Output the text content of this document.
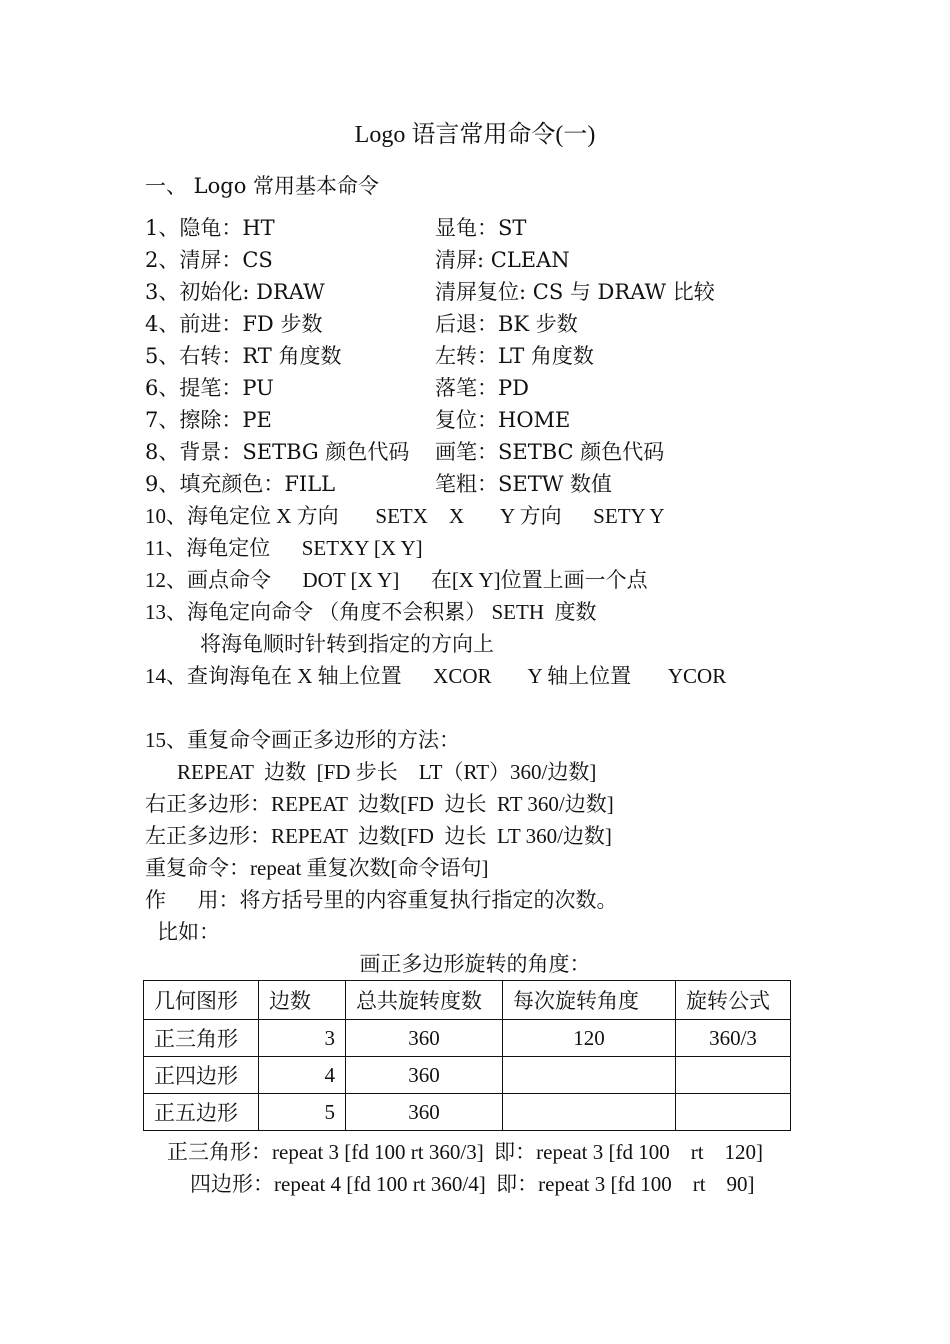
Logo 语言常用命令(一)
一、 Logo 常用基本命令
1、隐龟：HT	显龟：ST
2、清屏：CS	清屏: CLEAN
3、初始化: DRAW	清屏复位: CS 与 DRAW 比较
4、前进：FD 步数	后退：BK 步数
5、右转：RT 角度数	左转：LT 角度数
6、提笔：PU	落笔：PD
7、擦除：PE	复位：HOME
8、背景：SETBG 颜色代码 画笔：SETBC 颜色代码
9、填充颜色：FILL	笔粗：SETW 数值
10、海龟定位 X 方向       SETX    X       Y 方向      SETY Y
11、海龟定位      SETXY [X Y]
12、画点命令      DOT [X Y]      在[X Y]位置上画一个点
13、海龟定向命令 （角度不会积累） SETH  度数
将海龟顺时针转到指定的方向上
14、查询海龟在 X 轴上位置      XCOR       Y 轴上位置       YCOR
15、重复命令画正多边形的方法：
REPEAT  边数  [FD 步长    LT（RT）360/边数]
右正多边形：REPEAT  边数[FD  边长  RT 360/边数]
左正多边形：REPEAT  边数[FD  边长  LT 360/边数]
重复命令：repeat 重复次数[命令语句]
作      用：将方括号里的内容重复执行指定的次数。
比如：
画正多边形旋转的角度：
几何图形	边数	总共旋转度数	每次旋转角度	旋转公式
正三角形	3	360	120	360/3
正四边形	4	360		
正五边形	5	360		
正三角形：repeat 3 [fd 100 rt 360/3]  即：repeat 3 [fd 100    rt    120]
四边形：repeat 4 [fd 100 rt 360/4]  即：repeat 3 [fd 100    rt    90]
